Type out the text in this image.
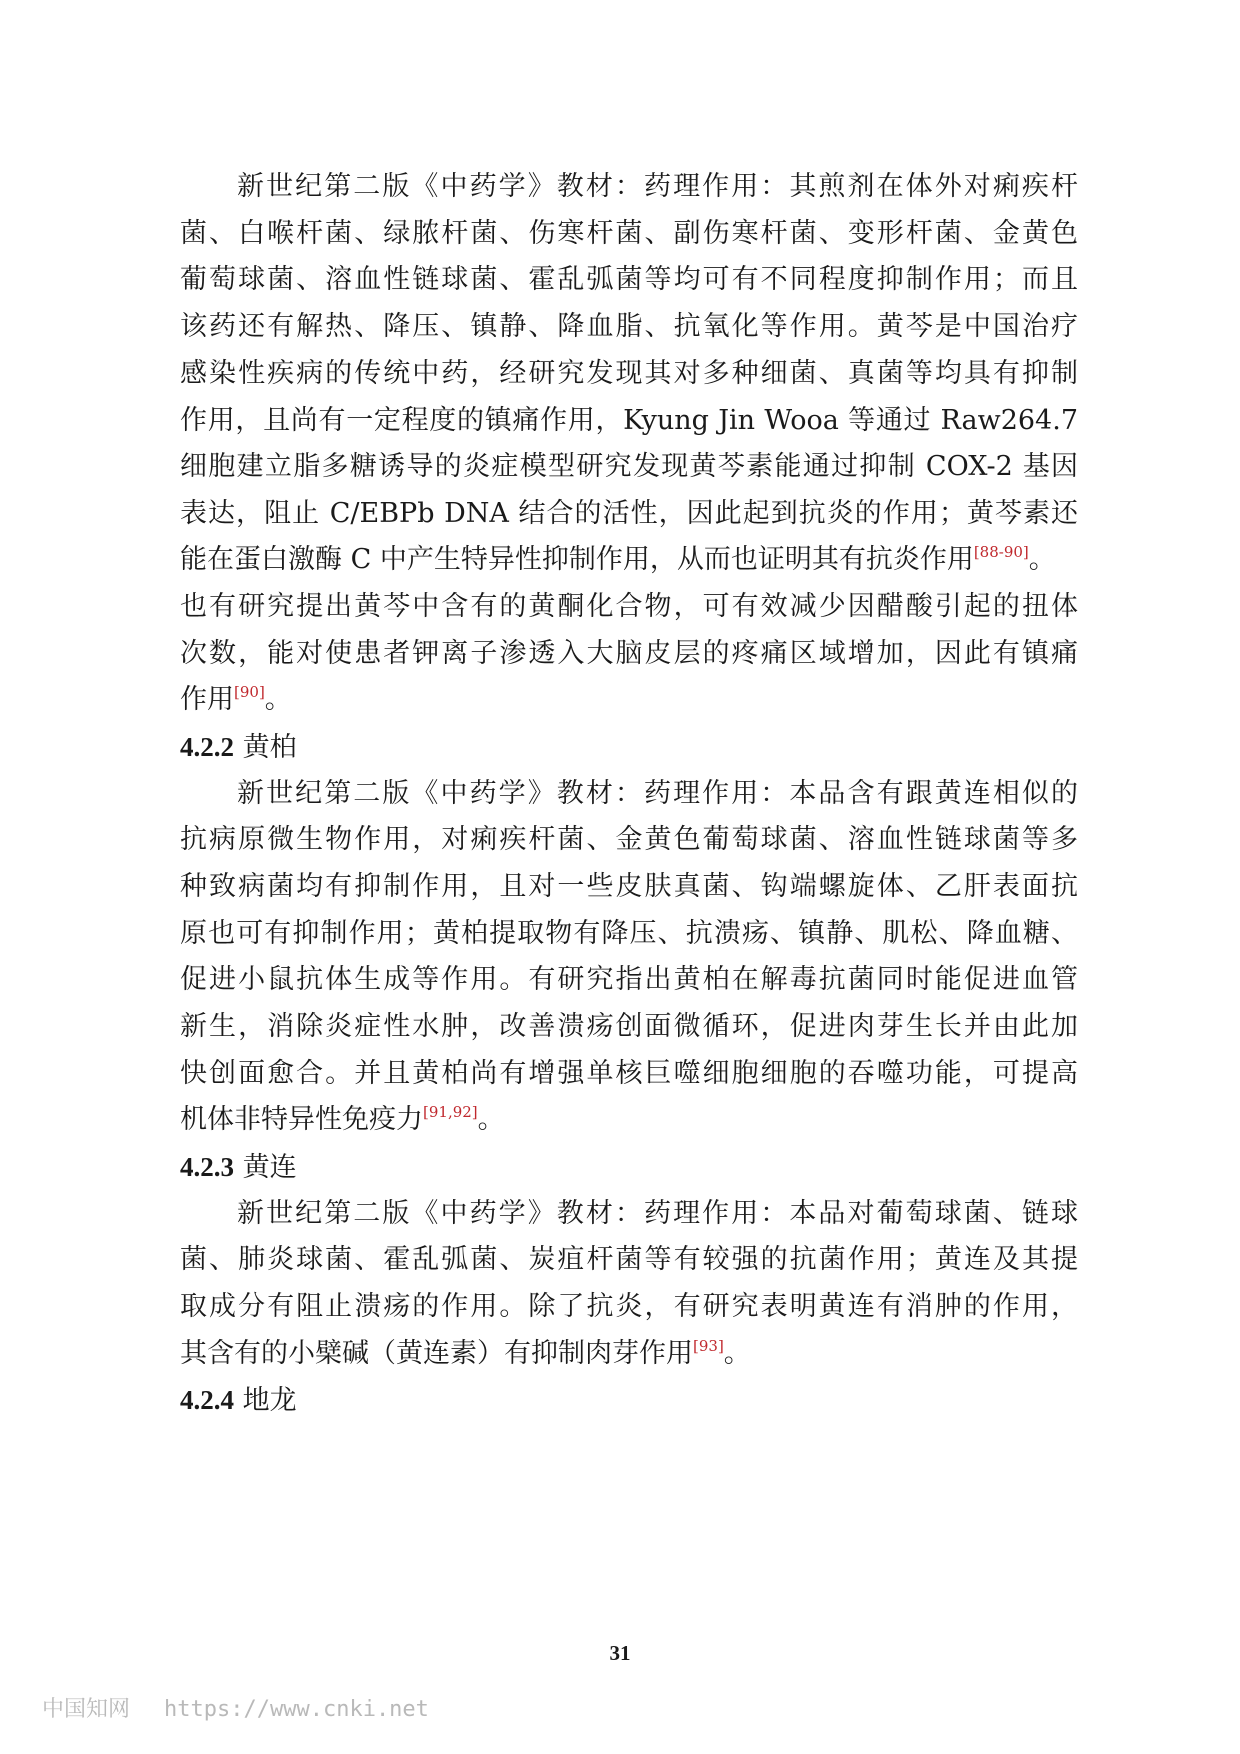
新世纪第二版《中药学》教材：药理作用：其煎剂在体外对痢疾杆
菌、白喉杆菌、绿脓杆菌、伤寒杆菌、副伤寒杆菌、变形杆菌、金黄色
葡萄球菌、溶血性链球菌、霍乱弧菌等均可有不同程度抑制作用；而且
该药还有解热、降压、镇静、降血脂、抗氧化等作用。黄芩是中国治疗
感染性疾病的传统中药，经研究发现其对多种细菌、真菌等均具有抑制
作用，且尚有一定程度的镇痛作用，Kyung Jin Wooa 等通过 Raw264.7
细胞建立脂多糖诱导的炎症模型研究发现黄芩素能通过抑制 COX-2 基因
表达，阻止 C/EBPb DNA 结合的活性，因此起到抗炎的作用；黄芩素还
能在蛋白激酶 C 中产生特异性抑制作用，从而也证明其有抗炎作用[88-90]。
也有研究提出黄芩中含有的黄酮化合物，可有效减少因醋酸引起的扭体
次数，能对使患者钾离子渗透入大脑皮层的疼痛区域增加，因此有镇痛
作用[90]。
4.2.2 黄柏
新世纪第二版《中药学》教材：药理作用：本品含有跟黄连相似的
抗病原微生物作用，对痢疾杆菌、金黄色葡萄球菌、溶血性链球菌等多
种致病菌均有抑制作用，且对一些皮肤真菌、钩端螺旋体、乙肝表面抗
原也可有抑制作用；黄柏提取物有降压、抗溃疡、镇静、肌松、降血糖、
促进小鼠抗体生成等作用。有研究指出黄柏在解毒抗菌同时能促进血管
新生，消除炎症性水肿，改善溃疡创面微循环，促进肉芽生长并由此加
快创面愈合。并且黄柏尚有增强单核巨噬细胞细胞的吞噬功能，可提高
机体非特异性免疫力[91,92]。
4.2.3 黄连
新世纪第二版《中药学》教材：药理作用：本品对葡萄球菌、链球
菌、肺炎球菌、霍乱弧菌、炭疽杆菌等有较强的抗菌作用；黄连及其提
取成分有阻止溃疡的作用。除了抗炎，有研究表明黄连有消肿的作用，
其含有的小檗碱（黄连素）有抑制肉芽作用[93]。
4.2.4 地龙
31
中国知网 https://www.cnki.net
